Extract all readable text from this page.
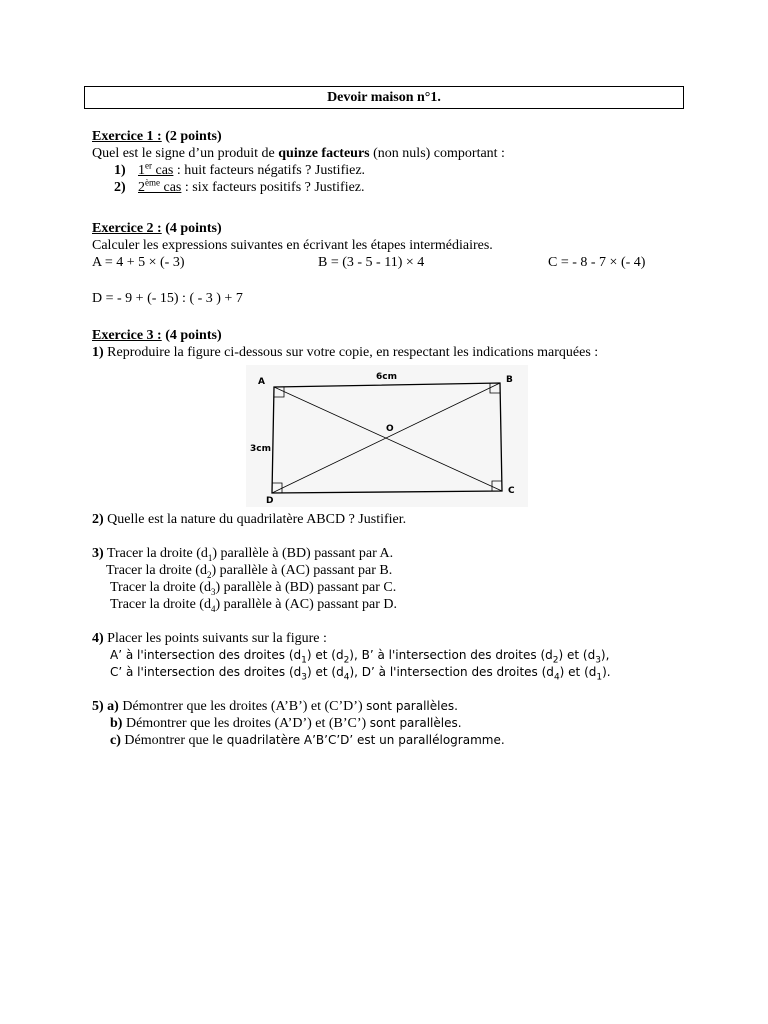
Devoir maison n°1.
Exercice 1 : (2 points)
Quel est le signe d’un produit de quinze facteurs (non nuls) comportant :
1) 1er cas : huit facteurs négatifs ? Justifiez.
2) 2ème cas : six facteurs positifs ? Justifiez.
Exercice 2 : (4 points)
Calculer les expressions suivantes en écrivant les étapes intermédiaires.
A = 4 + 5 × (- 3)	B = (3 - 5 - 11) × 4	C = - 8 - 7 × (- 4)
D = - 9 + (- 15) : ( - 3 ) + 7
Exercice 3 : (4 points)
1) Reproduire la figure ci-dessous sur votre copie, en respectant les indications marquées :
A	B
C
D
O
6cm
3cm
2) Quelle est la nature du quadrilatère ABCD ? Justifier.
3) Tracer la droite $(d_1)$ parallèle à (BD) passant par A.
Tracer la droite $(d_2)$ parallèle à (AC) passant par B.
Tracer la droite $(d_3)$ parallèle à (BD) passant par C.
Tracer la droite $(d_4)$ parallèle à (AC) passant par D.
4) Placer les points suivants sur la figure :
A’ à l'intersection des droites $(d_1)$ et $(d_2)$, B’ à l'intersection des droites $(d_2)$ et $(d_3)$,
C’ à l'intersection des droites $(d_3)$ et $(d_4)$, D’ à l'intersection des droites $(d_4)$ et $(d_1)$.
5) a) Démontrer que les droites (A’B’) et (C’D’) sont parallèles.
b) Démontrer que les droites (A’D’) et (B’C’) sont parallèles.
c) Démontrer que le quadrilatère A’B’C’D’ est un parallélogramme.
